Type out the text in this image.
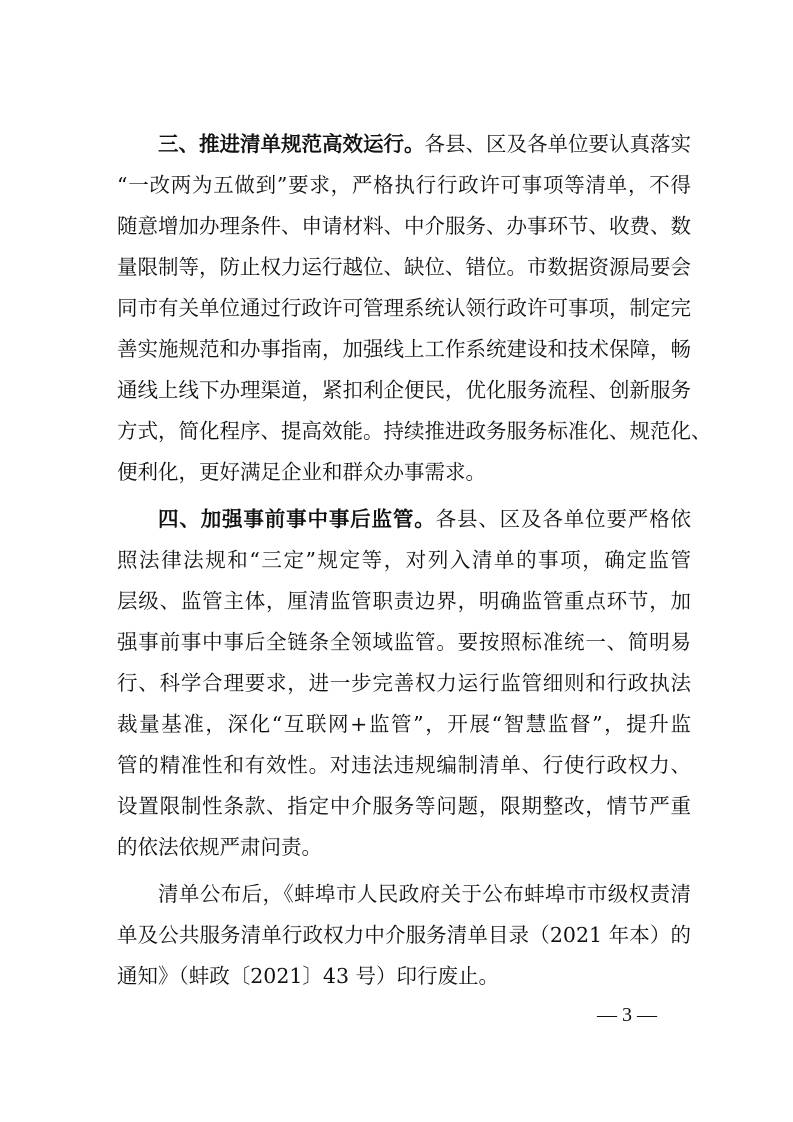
三、推进清单规范高效运行。各县、区及各单位要认真落实
“一改两为五做到”要求，严格执行行政许可事项等清单，不得
随意增加办理条件、申请材料、中介服务、办事环节、收费、数
量限制等，防止权力运行越位、缺位、错位。市数据资源局要会
同市有关单位通过行政许可管理系统认领行政许可事项，制定完
善实施规范和办事指南，加强线上工作系统建设和技术保障，畅
通线上线下办理渠道，紧扣利企便民，优化服务流程、创新服务
方式，简化程序、提高效能。持续推进政务服务标准化、规范化、
便利化，更好满足企业和群众办事需求。
四、加强事前事中事后监管。各县、区及各单位要严格依
照法律法规和“三定”规定等，对列入清单的事项，确定监管
层级、监管主体，厘清监管职责边界，明确监管重点环节，加
强事前事中事后全链条全领域监管。要按照标准统一、简明易
行、科学合理要求，进一步完善权力运行监管细则和行政执法
裁量基准，深化“互联网+监管”，开展“智慧监督”，提升监
管的精准性和有效性。对违法违规编制清单、行使行政权力、
设置限制性条款、指定中介服务等问题，限期整改，情节严重
的依法依规严肃问责。
清单公布后，《蚌埠市人民政府关于公布蚌埠市市级权责清
单及公共服务清单行政权力中介服务清单目录（2021 年本）的
通知》（蚌政〔2021〕43 号）印行废止。
— 3 —
